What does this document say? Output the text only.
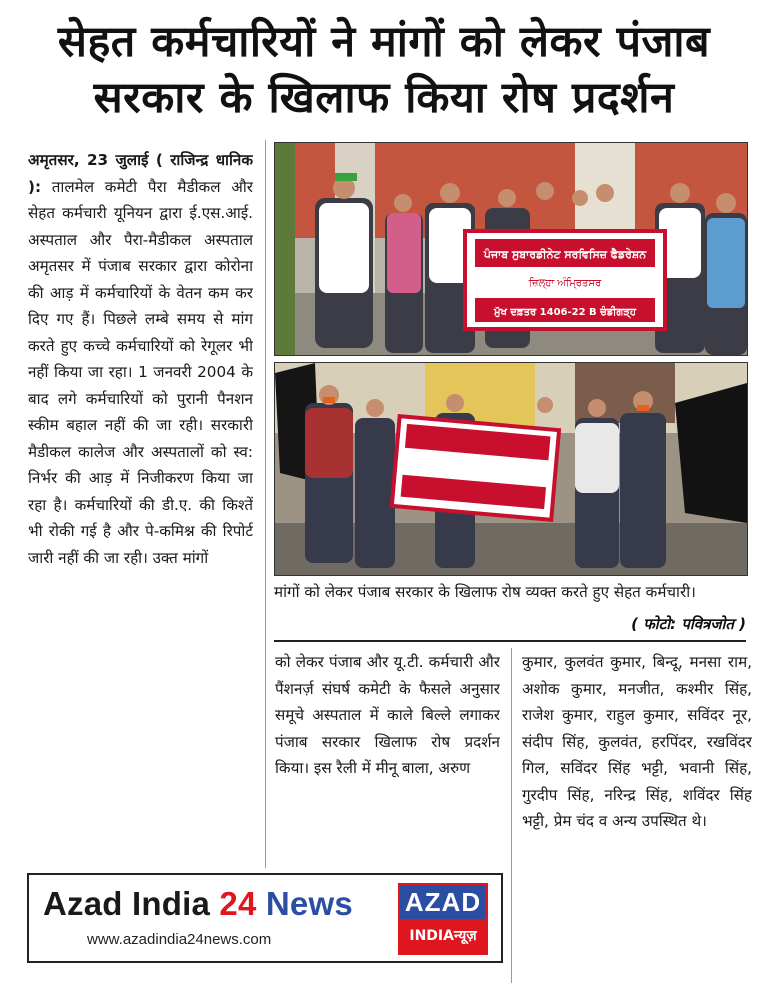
सेहत कर्मचारियों ने मांगों को लेकर पंजाब
सरकार के खिलाफ किया रोष प्रदर्शन
अमृतसर, 23 जुलाई ( राजिन्द्र धानिक ): तालमेल कमेटी पैरा मैडीकल और सेहत कर्मचारी यूनियन द्वारा ई.एस.आई. अस्पताल और पैरा-मैडीकल अस्पताल अमृतसर में पंजाब सरकार द्वारा कोरोना की आड़ में कर्मचारियों के वेतन कम कर दिए गए हैं। पिछले लम्बे समय से मांग करते हुए कच्चे कर्मचारियों को रेगूलर भी नहीं किया जा रहा। 1 जनवरी 2004 के बाद लगे कर्मचारियों को पुरानी पैनशन स्कीम बहाल नहीं की जा रही। सरकारी मैडीकल कालेज और अस्पतालों को स्व: निर्भर की आड़ में निजीकरण किया जा रहा है। कर्मचारियों की डी.ए. की किश्तें भी रोकी गई है और पे-कमिश्न की रिपोर्ट जारी नहीं की जा रही। उक्त मांगों
ਪੰਜਾਬ ਸੁਬਾਰਡੀਨੇਟ ਸਰਵਿਸਿਜ਼ ਫੈਡਰੇਸ਼ਨ
ਜ਼ਿਲ੍ਹਾ ਅੰਮ੍ਰਿਤਸਰ
ਮੁੱਖ ਦਫ਼ਤਰ 1406-22 B ਚੰਡੀਗੜ੍ਹ
मांगों को लेकर पंजाब सरकार के खिलाफ रोष व्यक्त करते हुए सेहत कर्मचारी।
( फोटो: पवित्रजोत )
को लेकर पंजाब और यू.टी. कर्मचारी और पैंशनर्ज़ संघर्ष कमेटी के फैसले अनुसार समूचे अस्पताल में काले बिल्ले लगाकर पंजाब सरकार खिलाफ रोष प्रदर्शन किया। इस रैली में मीनू बाला, अरुण
कुमार, कुलवंत कुमार, बिन्दू, मनसा राम, अशोक कुमार, मनजीत, कश्मीर सिंह, राजेश कुमार, राहुल कुमार, सविंदर नूर, संदीप सिंह, कुलवंत, हरपिंदर, रखविंदर गिल, सविंदर सिंह भट्टी, भवानी सिंह, गुरदीप सिंह, नरिन्द्र सिंह, शविंदर सिंह भट्टी, प्रेम चंद व अन्य उपस्थित थे।
Azad India 24 News
www.azadindia24news.com
AZAD
INDIAन्यूज़
